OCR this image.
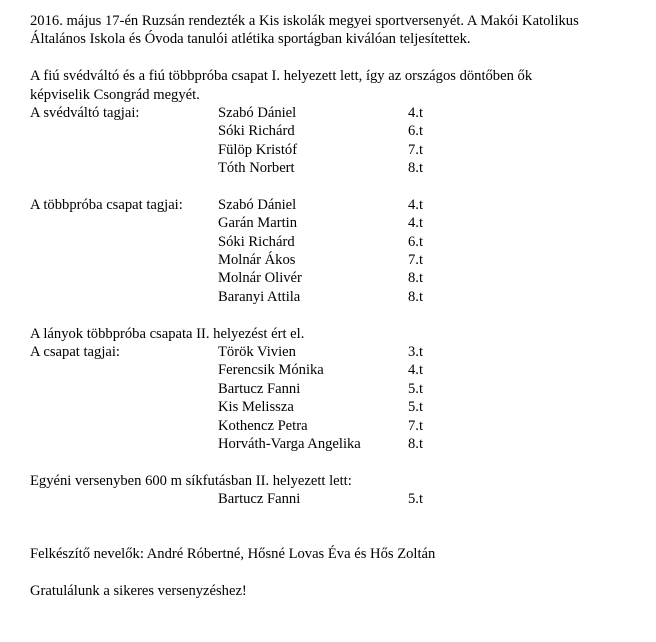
2016. május 17-én Ruzsán rendezték a Kis iskolák megyei sportversenyét. A Makói Katolikus
Általános Iskola és Óvoda tanulói atlétika sportágban kiválóan teljesítettek.
A fiú svédváltó és a fiú többpróba csapat I. helyezett lett, így az országos döntőben ők
képviselik Csongrád megyét.
A svédváltó tagjai:	Szabó Dániel	4.t
Sóki Richárd	6.t
Fülöp Kristóf	7.t
Tóth Norbert	8.t
A többpróba csapat tagjai: Szabó Dániel	4.t
Garán Martin	4.t
Sóki Richárd	6.t
Molnár Ákos	7.t
Molnár Olivér	8.t
Baranyi Attila	8.t
A lányok többpróba csapata II. helyezést ért el.
A csapat tagjai:	Török Vivien	3.t
Ferencsik Mónika	4.t
Bartucz Fanni	5.t
Kis Melissza	5.t
Kothencz Petra	7.t
Horváth-Varga Angelika	8.t
Egyéni versenyben 600 m síkfutásban II. helyezett lett:
Bartucz Fanni	5.t
Felkészítő nevelők: André Róbertné, Hősné Lovas Éva és Hős Zoltán
Gratulálunk a sikeres versenyzéshez!
